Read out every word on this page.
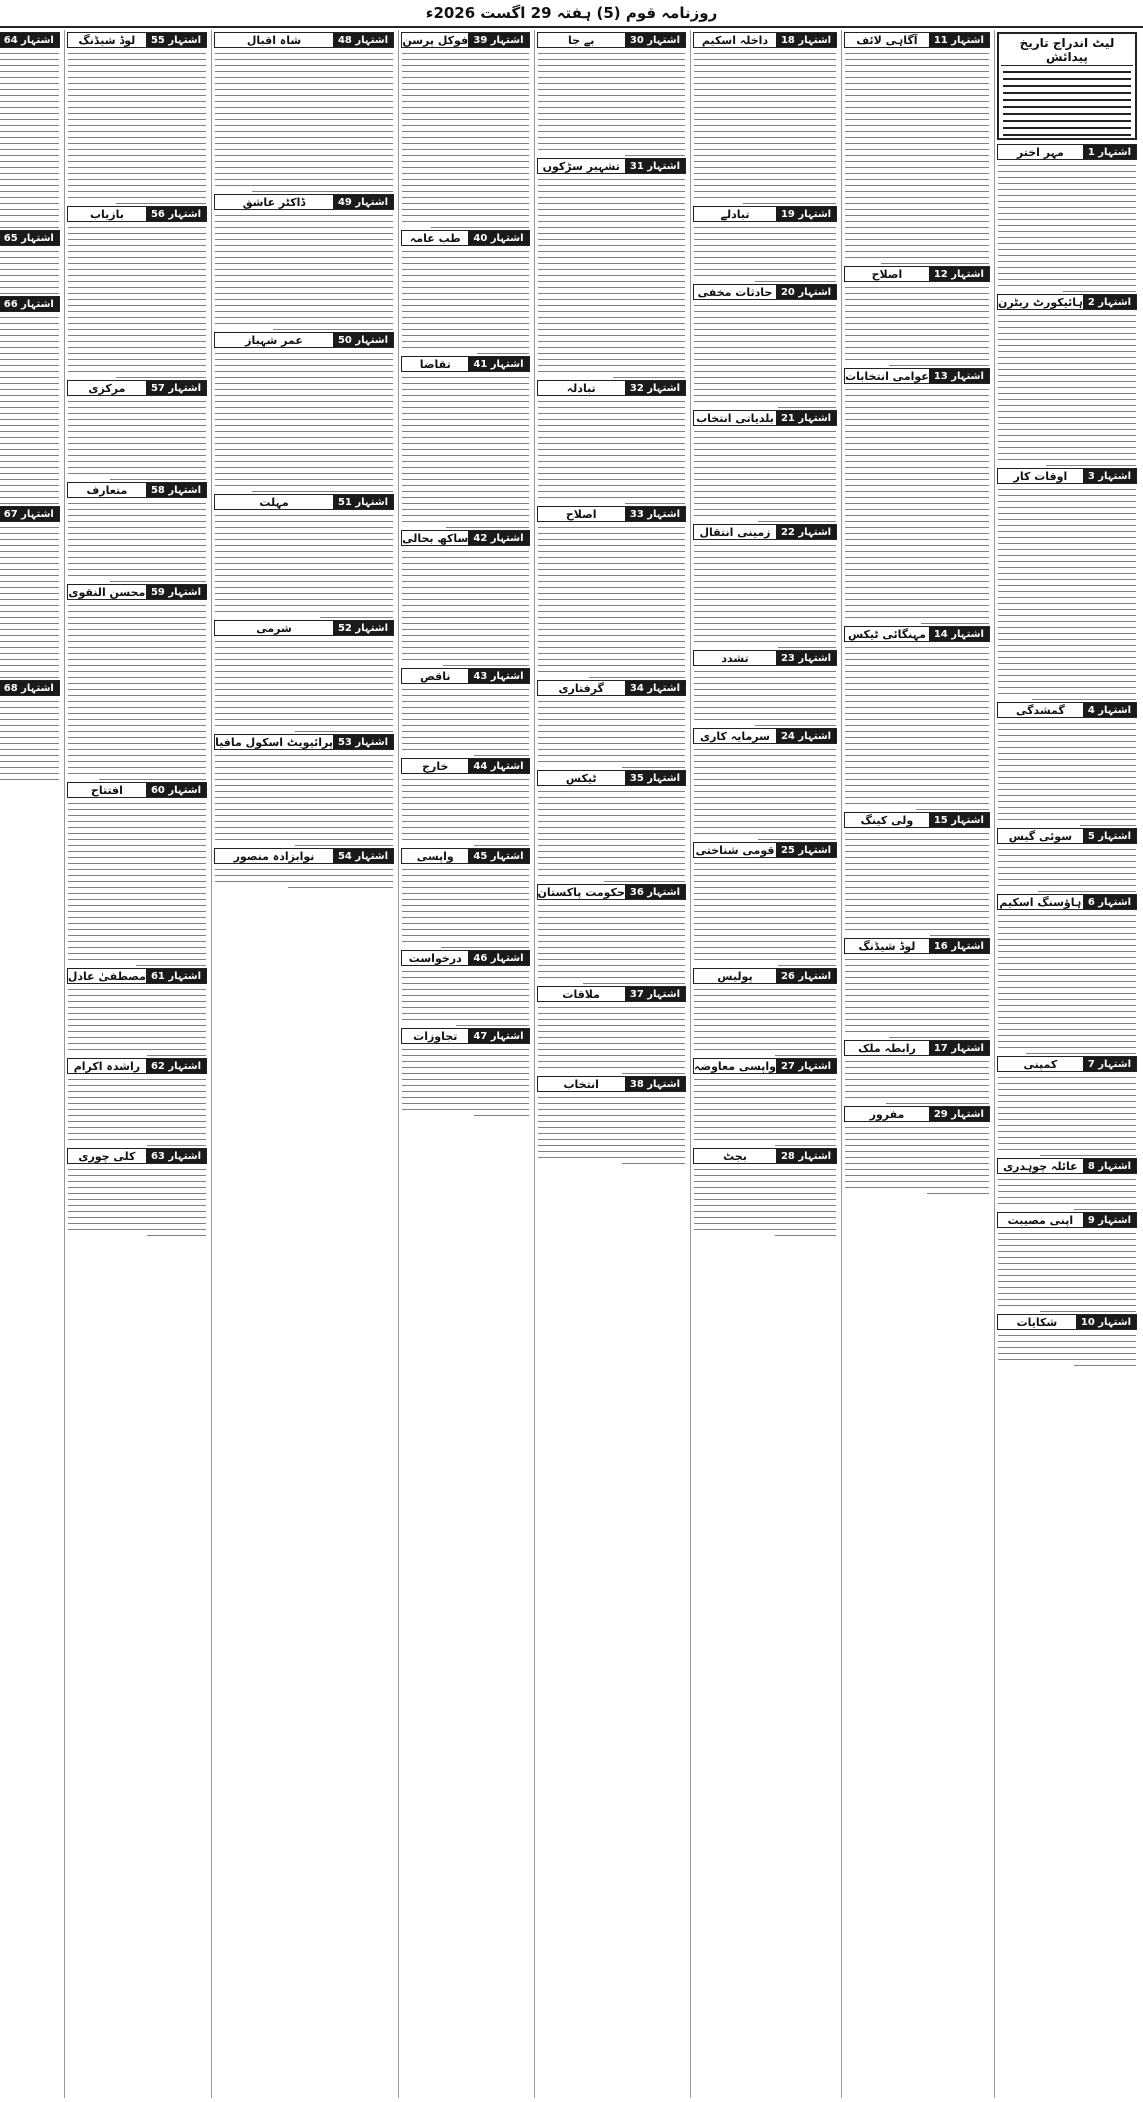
روزنامہ قوم (5) ہفتہ 29 اگست 2026ء
لیٹ اندراج تاریخ پیدائش
مہر اختر	اشتہار 1
ہائیکورٹ ریٹرن اشتہار 2
اوقات کار	اشتہار 3
گمشدگی	اشتہار 4
سوئی گیس	اشتہار 5
ہاؤسنگ اسکیم اشتہار 6
کمپنی	اشتہار 7
عائلہ چوہدری	اشتہار 8
اپنی مصیبت	اشتہار 9
شکایات	اشتہار 10
آگاہی لائف	اشتہار 11
اصلاح	اشتہار 12
عوامی انتخابات اشتہار 13
مہنگائی ٹیکس اشتہار 14
ولی کینگ	اشتہار 15
لوڈ شیڈنگ	اشتہار 16
رابطہ ملک	اشتہار 17
مفرور	اشتہار 29
داخلہ اسکیم	اشتہار 18
تبادلے	اشتہار 19
حادثات مخفی اشتہار 20
بلدیاتی انتخاب اشتہار 21
زمینی انتقال	اشتہار 22
تشدد	اشتہار 23
سرمایہ کاری	اشتہار 24
قومی شناختی اشتہار 25
پولیس	اشتہار 26
واپسی معاوضہ اشتہار 27
بجٹ	اشتہار 28
بے جا	اشتہار 30
تشہیر سڑکوں	اشتہار 31
تبادلہ	اشتہار 32
اصلاح	اشتہار 33
گرفتاری	اشتہار 34
ٹیکس	اشتہار 35
حکومت پاکستان اشتہار 36
ملاقات	اشتہار 37
انتخاب	اشتہار 38
فوکل پرسن اشتہار 39
طب عامہ	اشتہار 40
تقاضا	اشتہار 41
ساکھ بحالی اشتہار 42
ناقص	اشتہار 43
خارج	اشتہار 44
واپسی	اشتہار 45
درخواست	اشتہار 46
تجاوزات	اشتہار 47
شاہ اقبال	اشتہار 48
ڈاکٹر عاشق	اشتہار 49
عمر شہباز	اشتہار 50
مہلت	اشتہار 51
شرمی	اشتہار 52
پرائیویٹ اسکول مافیا اشتہار 53
نوابزادہ منصور	اشتہار 54
لوڈ شیڈنگ	اشتہار 55
بازیاب	اشتہار 56
مرکزی	اشتہار 57
متعارف	اشتہار 58
محسن النقوی اشتہار 59
افتتاح	اشتہار 60
مصطفیٰ عادل اشتہار 61
راشدہ اکرام	اشتہار 62
کلی چوری	اشتہار 63
اشتہار 64
اشتہار 65
اشتہار 66
اشتہار 67
اشتہار 68
